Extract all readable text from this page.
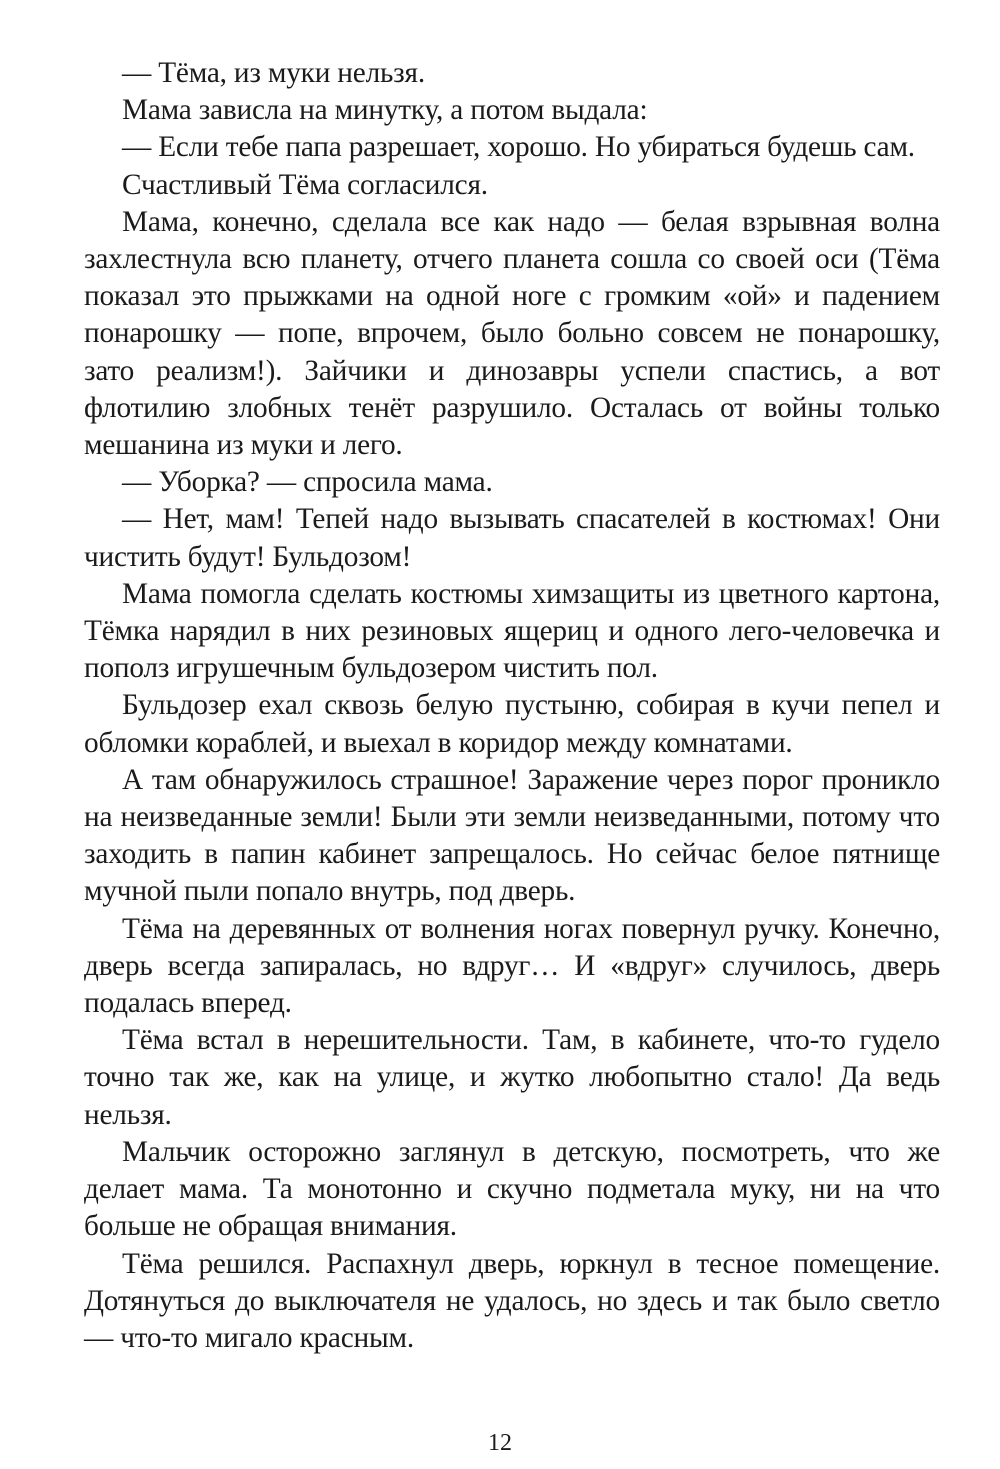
— Тёма, из муки нельзя.

Мама зависла на минутку, а потом выдала:

— Если тебе папа разрешает, хорошо. Но убираться будешь сам.

Счастливый Тёма согласился.

Мама, конечно, сделала все как надо — белая взрывная волна захлестнула всю планету, отчего планета сошла со своей оси (Тёма показал это прыжками на одной ноге с громким «ой» и падением понарошку — попе, впрочем, было больно совсем не понарошку, зато реализм!). Зайчики и динозавры успели спастись, а вот флотилию злобных тенёт разрушило. Осталась от войны только мешанина из муки и лего.

— Уборка? — спросила мама.

— Нет, мам! Тепей надо вызывать спасателей в костюмах! Они чистить будут! Бульдозом!

Мама помогла сделать костюмы химзащиты из цветного картона, Тёмка нарядил в них резиновых ящериц и одного лего-человечка и пополз игрушечным бульдозером чистить пол.

Бульдозер ехал сквозь белую пустыню, собирая в кучи пепел и обломки кораблей, и выехал в коридор между комнатами.

А там обнаружилось страшное! Заражение через порог проникло на неизведанные земли! Были эти земли неизведанными, потому что заходить в папин кабинет запрещалось. Но сейчас белое пятнище мучной пыли попало внутрь, под дверь.

Тёма на деревянных от волнения ногах повернул ручку. Конечно, дверь всегда запиралась, но вдруг… И «вдруг» случилось, дверь подалась вперед.

Тёма встал в нерешительности. Там, в кабинете, что-то гудело точно так же, как на улице, и жутко любопытно стало! Да ведь нельзя.

Мальчик осторожно заглянул в детскую, посмотреть, что же делает мама. Та монотонно и скучно подметала муку, ни на что больше не обращая внимания.

Тёма решился. Распахнул дверь, юркнул в тесное помещение. Дотянуться до выключателя не удалось, но здесь и так было светло — что-то мигало красным.

12
